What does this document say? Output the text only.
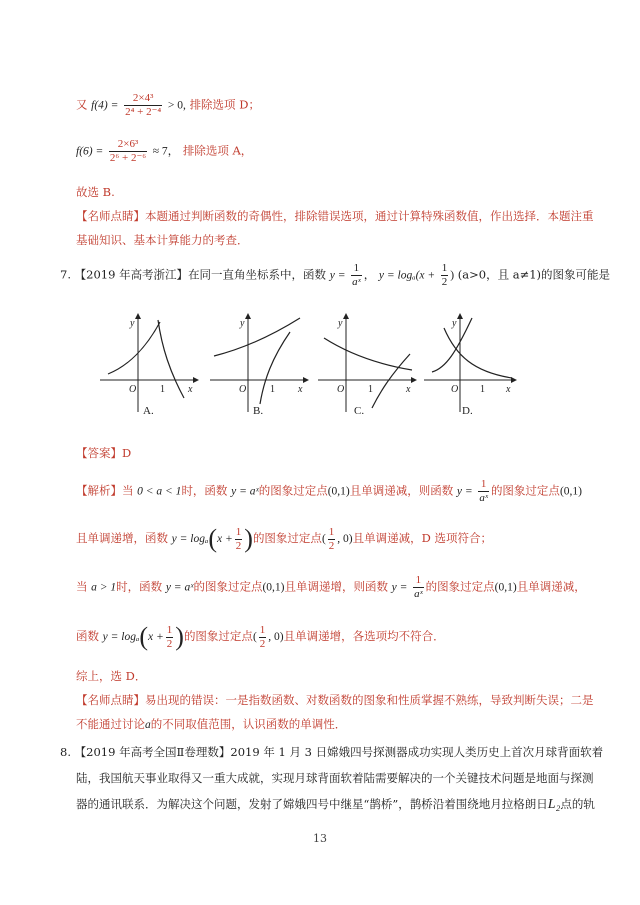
又 $f(4) = \frac{\text{2×4³}}{\text{2⁴ + 2⁻⁴}} > 0$, 排除选项 D；
$f(6) = \frac{\text{2×6³}}{\text{2⁶ + 2⁻⁶}} \approx 7$， 排除选项 A，
故选 B.
【名师点睛】本题通过判断函数的奇偶性，排除错误选项，通过计算特殊函数值，作出选择．本题注重
基础知识、基本计算能力的考查．
7. 【2019 年高考浙江】在同一直角坐标系中，函数 $y = \frac{1}{\text{aˣ}}$ ， $y = \log_a(x + \frac{1}{2}$ ) (a>0，且 a≠1)的图象可能是
y
O 1 x
A.
y
O 1 x
B.
y
O 1	x
C.
y
O 1 x
D.
【答案】D
【解析】当 0 < a < 1时，函数 y = aˣ的图象过定点(0,1)且单调递减，则函数 $y = \frac{1}{\text{aˣ}}$ 的图象过定点(0,1)
且单调递增，函数 $y = \log_a(x + \frac{1}{2}$ )的图象过定点( $\frac{1}{2}$ , 0)且单调递减，D 选项符合；
当 a > 1时，函数 y = aˣ的图象过定点(0,1)且单调递增，则函数 $y = \frac{1}{\text{aˣ}}$ 的图象过定点(0,1)且单调递减，
函数 $y = \log_a(x + \frac{1}{2}$ )的图象过定点( $\frac{1}{2}$ , 0)且单调递增，各选项均不符合．
综上，选 D．
【名师点睛】易出现的错误：一是指数函数、对数函数的图象和性质掌握不熟练，导致判断失误；二是
不能通过讨论a的不同取值范围，认识函数的单调性．
8. 【2019 年高考全国Ⅱ卷理数】2019 年 1 月 3 日嫦娥四号探测器成功实现人类历史上首次月球背面软着
陆，我国航天事业取得又一重大成就，实现月球背面软着陆需要解决的一个关键技术问题是地面与探测
器的通讯联系．为解决这个问题，发射了嫦娥四号中继星“鹊桥”，鹊桥沿着围绕地月拉格朗日L₂点的轨
13
